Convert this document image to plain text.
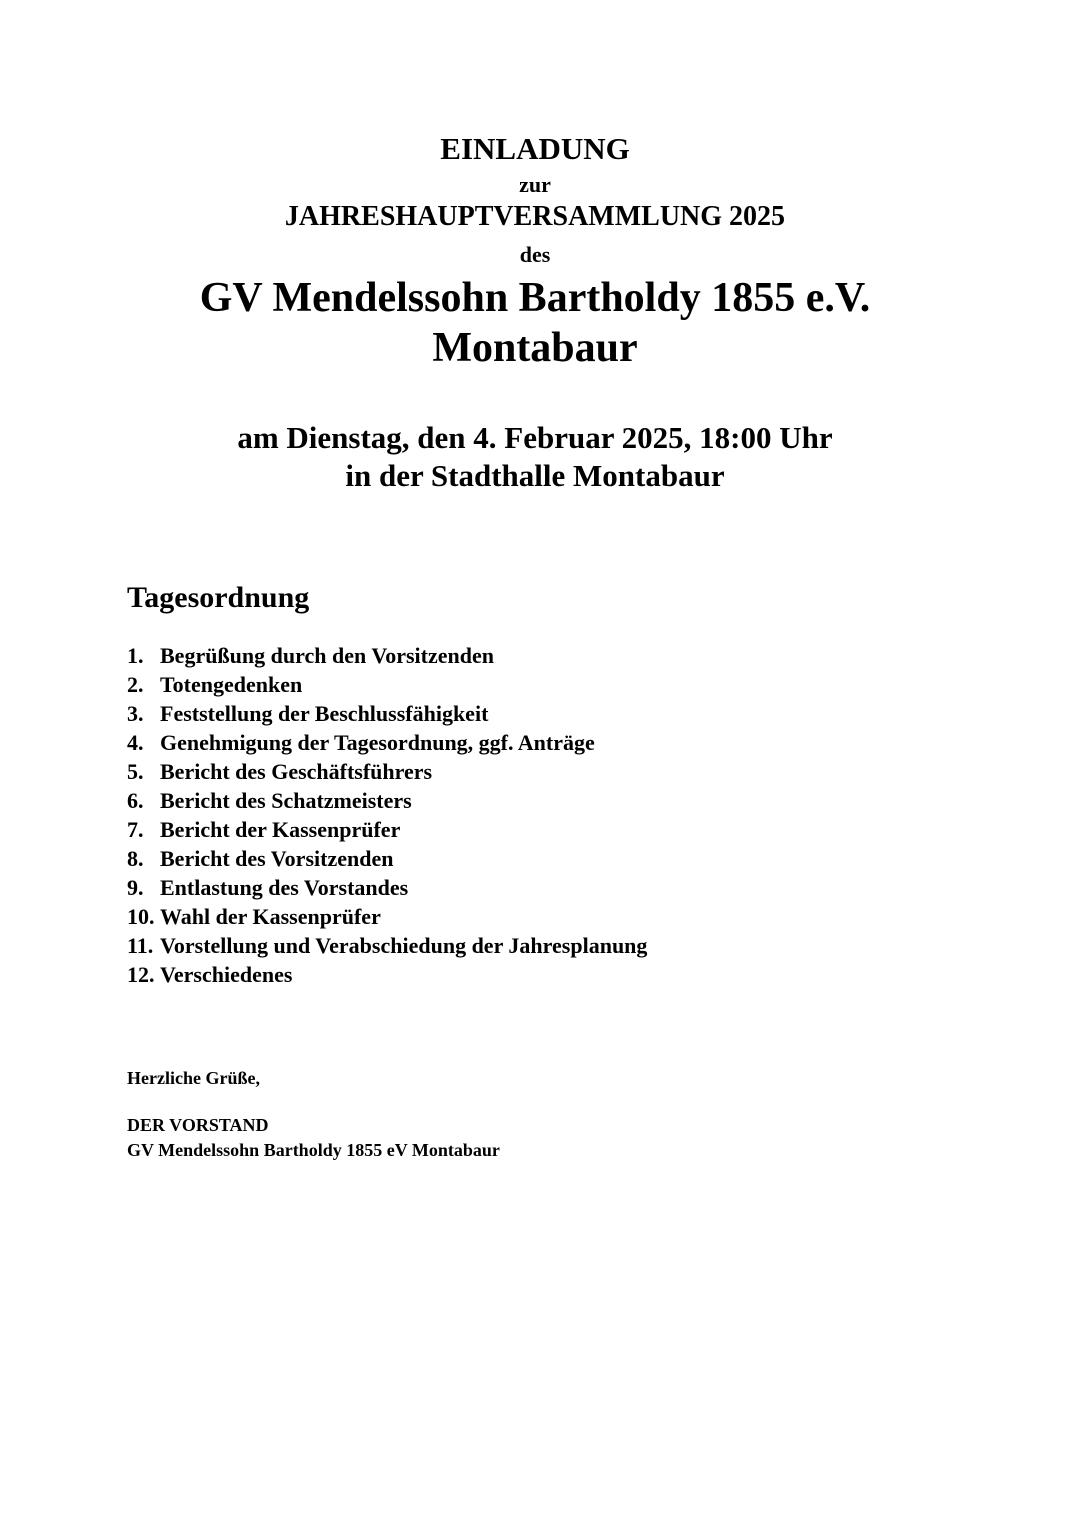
EINLADUNG
zur
JAHRESHAUPTVERSAMMLUNG 2025
des
GV Mendelssohn Bartholdy 1855 e.V.
Montabaur
am Dienstag, den 4. Februar 2025, 18:00 Uhr
in der Stadthalle Montabaur
Tagesordnung
1. Begrüßung durch den Vorsitzenden
2. Totengedenken
3. Feststellung der Beschlussfähigkeit
4. Genehmigung der Tagesordnung, ggf. Anträge
5. Bericht des Geschäftsführers
6. Bericht des Schatzmeisters
7. Bericht der Kassenprüfer
8. Bericht des Vorsitzenden
9. Entlastung des Vorstandes
10. Wahl der Kassenprüfer
11. Vorstellung und Verabschiedung der Jahresplanung
12. Verschiedenes
Herzliche Grüße,
DER VORSTAND
GV Mendelssohn Bartholdy 1855 eV Montabaur
